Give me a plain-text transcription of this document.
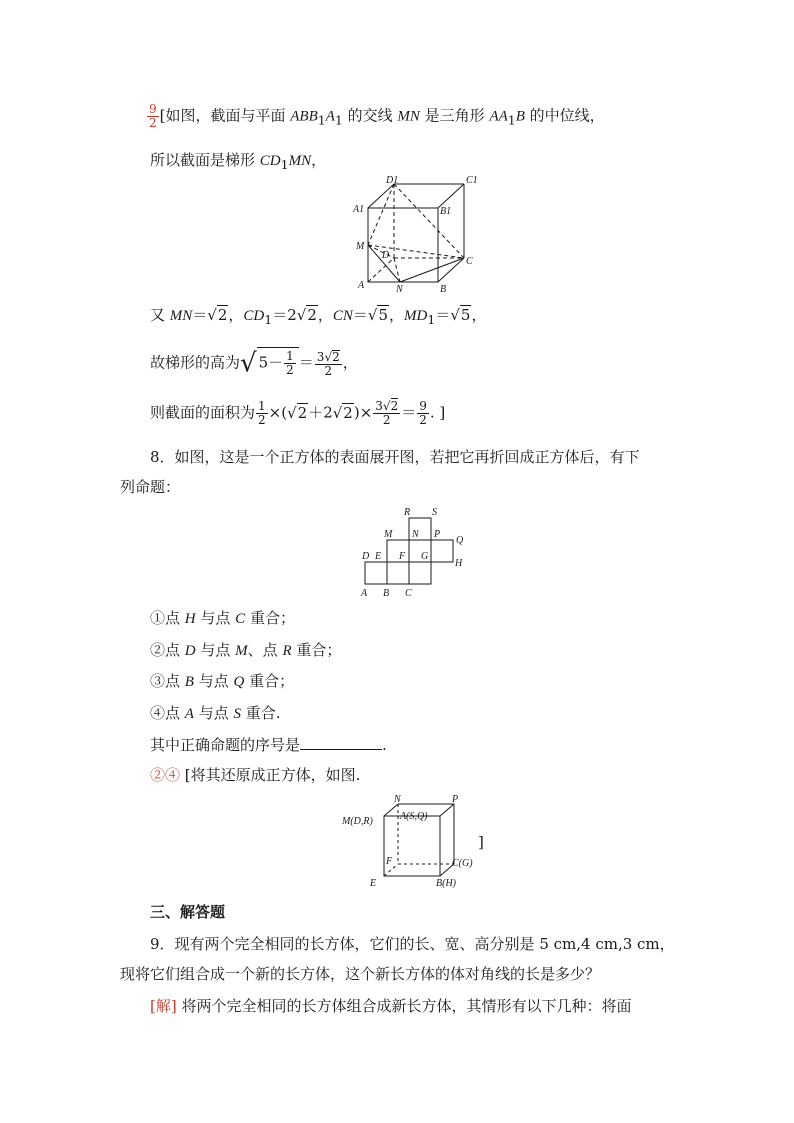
$\frac{9}{2}$ [如图，截面与平面 $ABB_1A_1$ 的交线 MN 是三角形 $AA_1B$ 的中位线，
所以截面是梯形 $CD_1MN$，
D1	C1
A1	B1
M
D
C
A	N	B
又 MN＝√2，$CD_1=2√2$，CN＝√5，$MD_1=√5$，
故梯形的高为√ $5- \frac{1}{2} = \frac{3√2}{2}$ ，
则截面的面积为 $\frac{1}{2} \times(√2+2√2)\times \frac{3√2}{2} = \frac{9}{2}$ . ]
8．如图，这是一个正方体的表面展开图，若把它再折回成正方体后，有下
列命题：
R S
M N P
Q
D E F G
H
A B C
①点 H 与点 C 重合；
②点 D 与点 M、点 R 重合；
③点 B 与点 Q 重合；
④点 A 与点 S 重合.
其中正确命题的序号是	.
②④ [将其还原成正方体，如图.
N	P
M(D,R)	A(S,Q)
F	C(G)
E	B(H)
]
三、解答题
9．现有两个完全相同的长方体，它们的长、宽、高分别是 5 cm,4 cm,3 cm，
现将它们组合成一个新的长方体，这个新长方体的体对角线的长是多少？
[解] 将两个完全相同的长方体组合成新长方体，其情形有以下几种：将面
